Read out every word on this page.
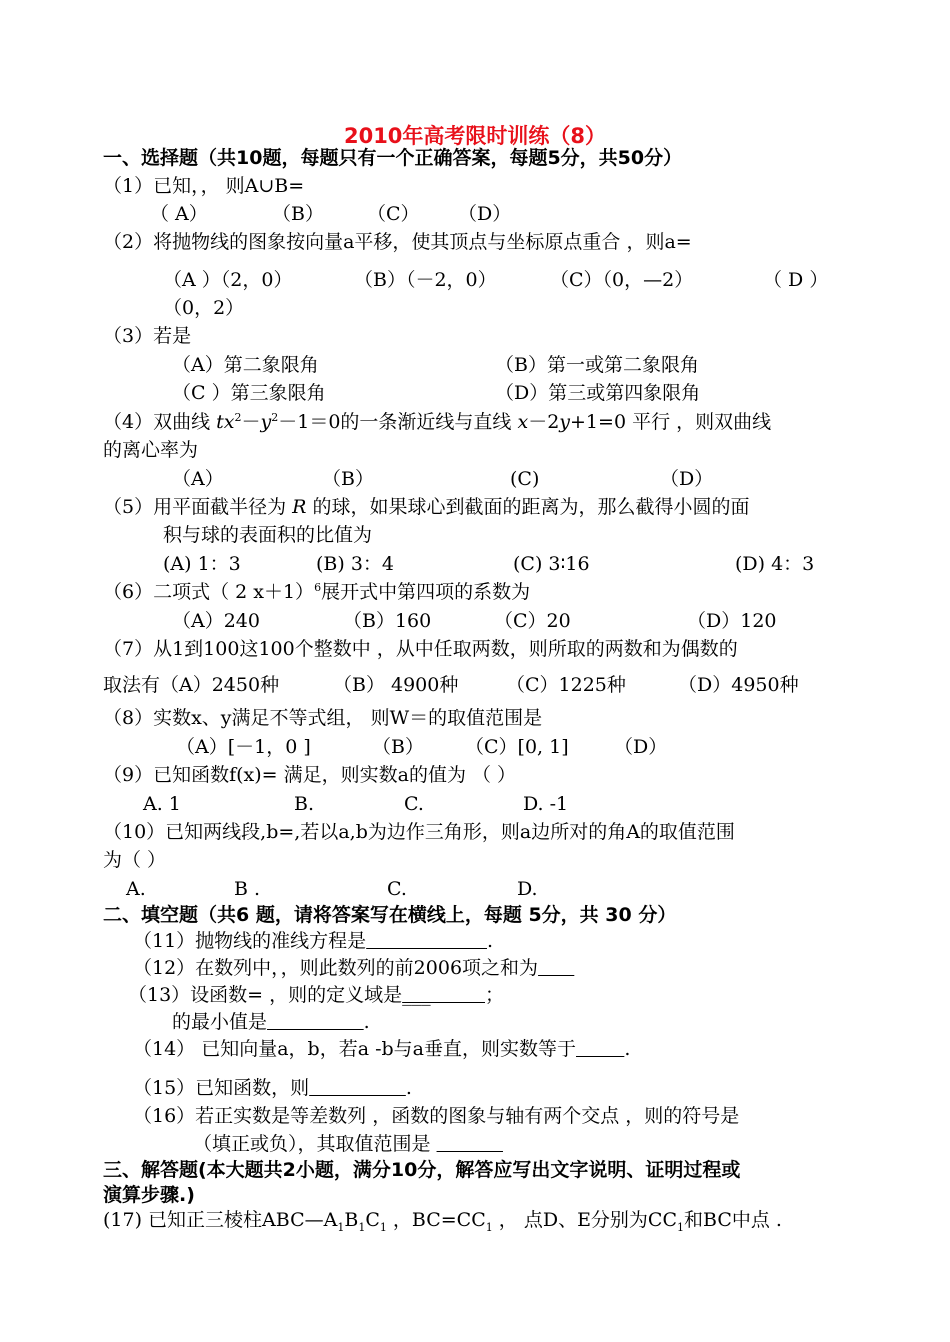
2010年高考限时训练（8）
一、选择题（共10题，每题只有一个正确答案，每题5分，共50分）
（1）已知，， 则A∪B=
（ A）	（B） （C） （D）
（2）将抛物线的图象按向量a平移，使其顶点与坐标原点重合 ，则a=
（A ）（2，0）	（B）（－2，0）	（C）（0，—2）	（ D ）
（0，2）
（3）若是
（A）第二象限角	（B）第一或第二象限角
（C ）第三象限角	（D）第三或第四象限角
（4）双曲线 $tx^2-y^2-1=0$的一条渐近线与直线 x－2y+1=0 平行 ，则双曲线
的离心率为
（A）	（B）	(C)	（D）
（5）用平面截半径为 R 的球，如果球心到截面的距离为，那么截得小圆的面
积与球的表面积的比值为
(A) 1：3	(B) 3：4	(C) 3∶16	(D) 4：3
（6）二项式（ 2 x＋1）$^6$展开式中第四项的系数为
（A）240	（B）160	（C）20	（D）120
（7）从1到100这100个整数中 ，从中任取两数，则所取的两数和为偶数的
取法有（A）2450种	（B） 4900种	（C）1225种	（D）4950种
（8）实数x、y满足不等式组， 则W＝的取值范围是
（A）[－1，0 ]	（B） （C）[0, 1] （D）
（9）已知函数f(x)= 满足，则实数a的值为 （ ）
A. 1	B.	C.	D. -1
（10）已知两线段,b=,若以a,b为边作三角形，则a边所对的角A的取值范围
为（ ）
A.	B .	C.	D.
二、填空题（共6 题，请将答案写在横线上，每题 5分，共 30 分）
（11）抛物线的准线方程是	.
（12）在数列中，，则此数列的前2006项之和为
（13）设函数= ，则的定义域是___         ；
的最小值是	.
（14） 已知向量a，b，若a -b与a垂直，则实数等于	.
（15）已知函数，则	.
（16）若正实数是等差数列 ，函数的图象与轴有两个交点 ，则的符号是
（填正或负），其取值范围是
三、解答题(本大题共2小题，满分10分，解答应写出文字说明、证明过程或
演算步骤.)
(17) 已知正三棱柱$ABC—A_1B_1C_1$ ，$BC=CC_1$ ， 点D、E分别为$CC_1$和BC中点 .
